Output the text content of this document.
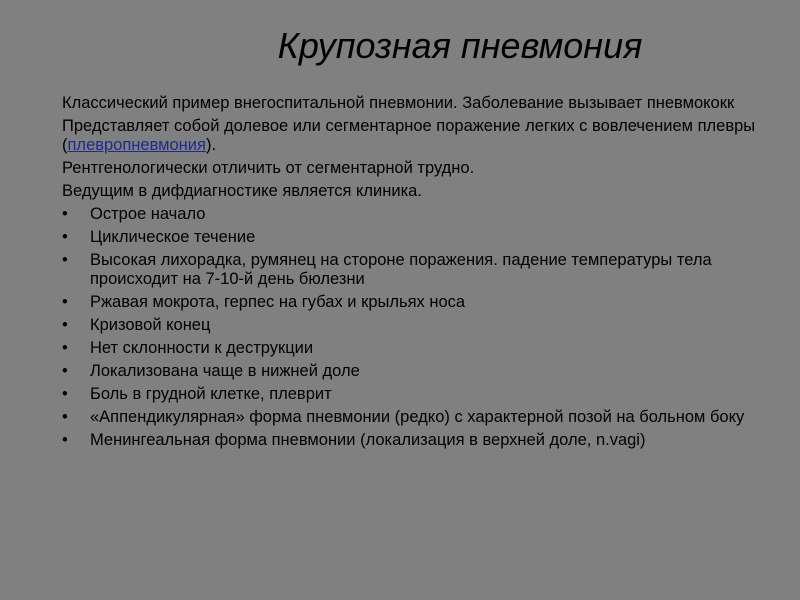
Крупозная пневмония

Классический пример внегоспитальной пневмонии. Заболевание вызывает пневмококк

Представляет собой долевое или сегментарное поражение легких с вовлечением плевры (плевропневмония).

Рентгенологически отличить от сегментарной трудно.

Ведущим в дифдиагностике является клиника.

•	Острое начало
•	Циклическое течение
•	Высокая лихорадка, румянец на стороне поражения. падение температуры тела происходит на 7-10-й день бюлезни
•	Ржавая мокрота, герпес на губах и крыльях носа
•	Кризовой конец
•	Нет склонности к деструкции
•	Локализована чаще в нижней доле
•	Боль в грудной клетке, плеврит
•	«Аппендикулярная» форма пневмонии (редко) с характерной позой на больном боку
•	Менингеальная форма пневмонии (локализация в верхней доле, n.vagi)
